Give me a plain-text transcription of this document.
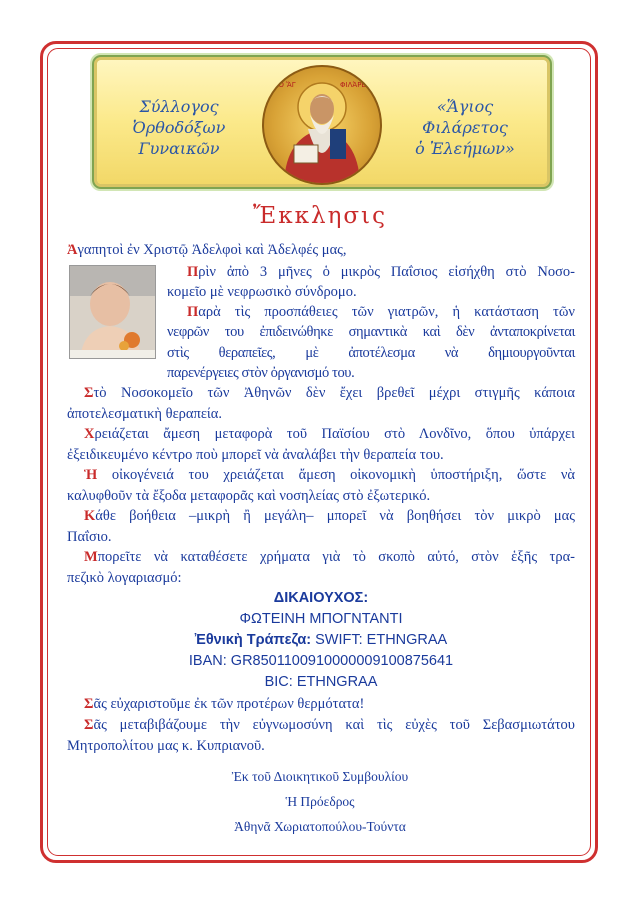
Σύλλογος
Ὀρθοδόξων
Γυναικῶν
«Ἅγιος
Φιλάρετος
ὁ Ἐλεήμων»
Ὁ ἍΓ	ΦΙΛΆΡΕΤΟΣ
Ἔκκλησις
Ἀγαπητοὶ ἐν Χριστῷ Ἀδελφοὶ καὶ Ἀδελφές μας,
Πρὶν ἀπὸ 3 μῆνες ὁ μικρὸς Παΐσιος εἰσήχθη στὸ Νοσο-
κομεῖο μὲ νεφρωσικὸ σύνδρομο.
Παρὰ τὶς προσπάθειες τῶν γιατρῶν, ἡ κατάσταση τῶν
νεφρῶν του ἐπιδεινώθηκε σημαντικὰ καὶ δὲν ἀνταποκρίνεται
στὶς θεραπεῖες, μὲ ἀποτέλεσμα νὰ δημιουργοῦνται
παρενέργειες στὸν ὀργανισμό του.
Στὸ Νοσοκομεῖο τῶν Ἀθηνῶν δὲν ἔχει βρεθεῖ μέχρι στιγμῆς κάποια
ἀποτελεσματικὴ θεραπεία.
Χρειάζεται ἄμεση μεταφορὰ τοῦ Παϊσίου στὸ Λονδῖνο, ὅπου ὑπάρχει
ἐξειδικευμένο κέντρο ποὺ μπορεῖ νὰ ἀναλάβει τὴν θεραπεία του.
Ἡ οἰκογένειά του χρειάζεται ἄμεση οἰκονομικὴ ὑποστήριξη, ὥστε νὰ
καλυφθοῦν τὰ ἔξοδα μεταφορᾶς καὶ νοσηλείας στὸ ἐξωτερικό.
Κάθε βοήθεια –μικρὴ ἢ μεγάλη– μπορεῖ νὰ βοηθήσει τὸν μικρὸ μας
Παΐσιο.
Μπορεῖτε νὰ καταθέσετε χρήματα γιὰ τὸ σκοπὸ αὐτό, στὸν ἑξῆς τρα-
πεζικὸ λογαριασμό:
ΔΙΚΑΙΟΥΧΟΣ:
ΦΩΤΕΙΝΗ ΜΠΟΓΝΤΑΝΤΙ
Ἐθνικὴ Τράπεζα: SWIFT: ETHNGRAA
IBAN: GR8501100910000009100875641
BIC: ETHNGRAA
Σᾶς εὐχαριστοῦμε ἐκ τῶν προτέρων θερμότατα!
Σᾶς μεταβιβάζουμε τὴν εὐγνωμοσύνη καὶ τὶς εὐχὲς τοῦ Σεβασμιωτάτου
Μητροπολίτου μας κ. Κυπριανοῦ.
Ἐκ τοῦ Διοικητικοῦ Συμβουλίου
Ἡ Πρόεδρος
Ἀθηνᾶ Χωριατοπούλου-Τούντα
